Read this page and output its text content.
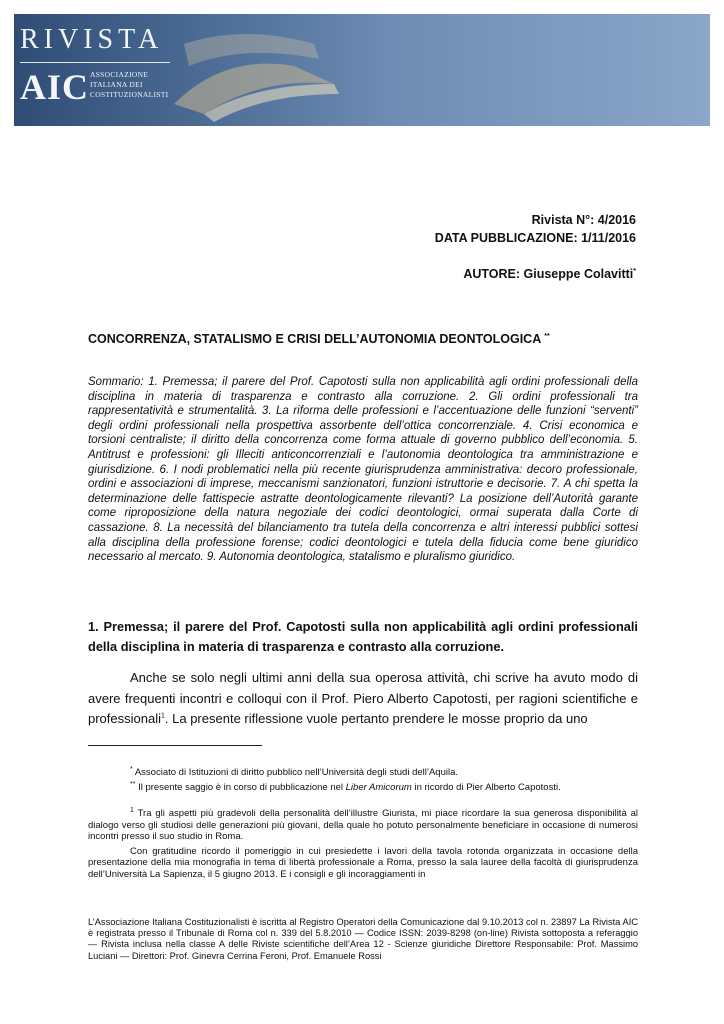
RIVISTA
AIC ASSOCIAZIONE
ITALIANA DEI
COSTITUZIONALISTI
Rivista N°: 4/2016
DATA PUBBLICAZIONE: 1/11/2016
AUTORE: Giuseppe Colavitti*
CONCORRENZA, STATALISMO E CRISI DELL’AUTONOMIA DEONTOLOGICA **
Sommario: 1. Premessa; il parere del Prof. Capotosti sulla non applicabilità agli ordini professionali della disciplina in materia di trasparenza e contrasto alla corruzione. 2. Gli ordini professionali tra rappresentatività e strumentalità. 3. La riforma delle professioni e l’accentuazione delle funzioni “serventi” degli ordini professionali nella prospettiva assorbente dell’ottica concorrenziale. 4. Crisi economica e torsioni centraliste; il diritto della concorrenza come forma attuale di governo pubblico dell’economia. 5. Antitrust e professioni: gli Illeciti anticoncorrenziali e l’autonomia deontologica tra amministrazione e giurisdizione. 6. I nodi problematici nella più recente giurisprudenza amministrativa: decoro professionale, ordini e associazioni di imprese, meccanismi sanzionatori, funzioni istruttorie e decisorie. 7. A chi spetta la determinazione delle fattispecie astratte deontologicamente rilevanti? La posizione dell’Autorità garante come riproposizione della natura negoziale dei codici deontologici, ormai superata dalla Corte di cassazione. 8. La necessità del bilanciamento tra tutela della concorrenza e altri interessi pubblici sottesi alla disciplina della professione forense; codici deontologici e tutela della fiducia come bene giuridico necessario al mercato. 9. Autonomia deontologica, statalismo e pluralismo giuridico.
1. Premessa; il parere del Prof. Capotosti sulla non applicabilità agli ordini professionali della disciplina in materia di trasparenza e contrasto alla corruzione.
Anche se solo negli ultimi anni della sua operosa attività, chi scrive ha avuto modo di avere frequenti incontri e colloqui con il Prof. Piero Alberto Capotosti, per ragioni scientifiche e professionali$^1$. La presente riflessione vuole pertanto prendere le mosse proprio da uno
* Associato di Istituzioni di diritto pubblico nell’Università degli studi dell’Aquila.
** Il presente saggio è in corso di pubblicazione nel Liber Amicorum in ricordo di Pier Alberto Capotosti.

$^1$ Tra gli aspetti più gradevoli della personalità dell’illustre Giurista, mi piace ricordare la sua generosa disponibilità al dialogo verso gli studiosi delle generazioni più giovani, della quale ho potuto personalmente beneficiare in occasione di numerosi incontri presso il suo studio in Roma.

Con gratitudine ricordo il pomeriggio in cui presiedette i lavori della tavola rotonda organizzata in occasione della presentazione della mia monografia in tema di libertà professionale a Roma, presso la sala lauree della facoltà di giurisprudenza dell’Università La Sapienza, il 5 giugno 2013. E i consigli e gli incoraggiamenti in

L’Associazione Italiana Costituzionalisti è iscritta al Registro Operatori della Comunicazione dal 9.10.2013 col n. 23897 La Rivista AIC è registrata presso il Tribunale di Roma col n. 339 del 5.8.2010 — Codice ISSN: 2039-8298 (on-line) Rivista sottoposta a referaggio — Rivista inclusa nella classe A delle Riviste scientifiche dell’Area 12 - Scienze giuridiche Direttore Responsabile: Prof. Massimo Luciani — Direttori: Prof. Ginevra Cerrina Feroni, Prof. Emanuele Rossi
